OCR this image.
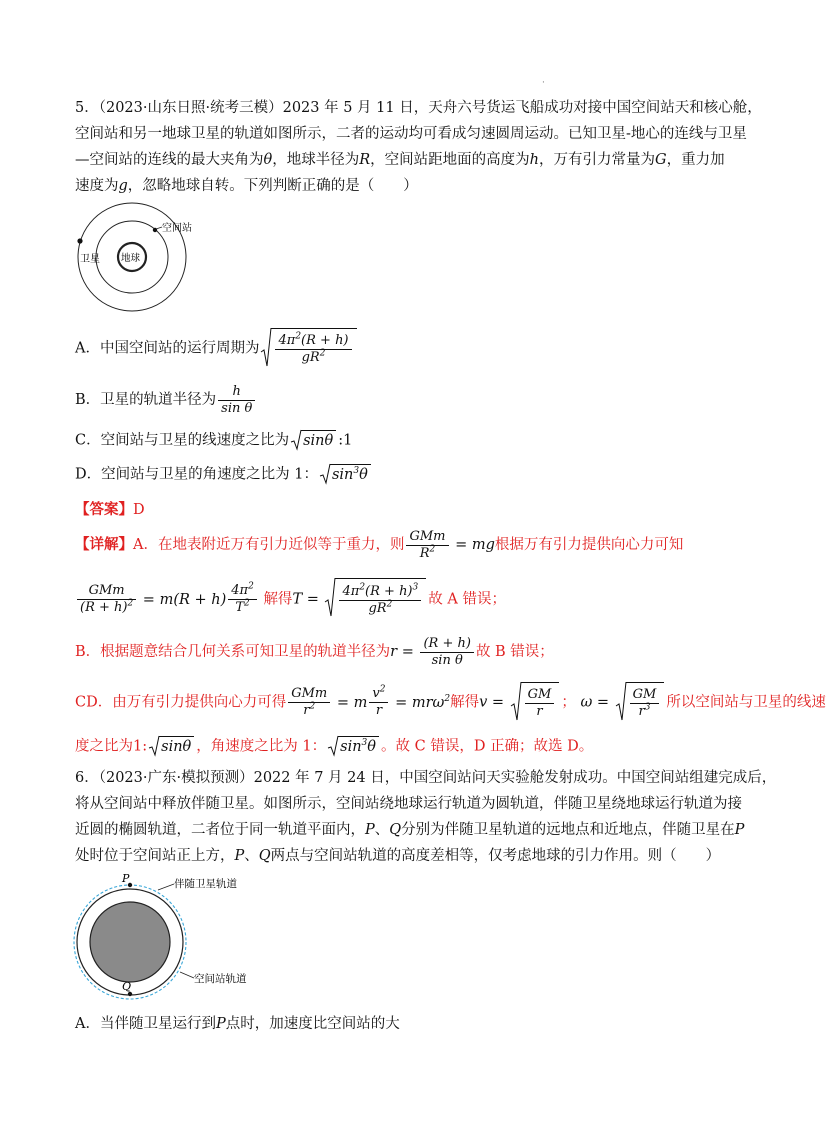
·
5．（2023·山东日照·统考三模）2023 年 5 月 11 日，天舟六号货运飞船成功对接中国空间站天和核心舱，
空间站和另一地球卫星的轨道如图所示，二者的运动均可看成匀速圆周运动。已知卫星-地心的连线与卫星
—空间站的连线的最大夹角为θ，地球半径为R，空间站距地面的高度为h，万有引力常量为G，重力加
速度为g，忽略地球自转。下列判断正确的是（　　）
空间站
卫星 地球
A．中国空间站的运行周期为 $\frac{4\pi^2(R + h)}{gR^2}$
B．卫星的轨道半径为 $\frac{h}{\text{sin θ}}$
C．空间站与卫星的线速度之比为 sinθ :1
D．空间站与卫星的角速度之比为 1： $\sin^3\theta$
【答案】D
【详解】A．在地表附近万有引力近似等于重力，则 $\frac{\text{GMm}}{R^2}$ = mg根据万有引力提供向心力可知
$\frac{\text{GMm}}{(R + h)^2} = m(R + h) \frac{4\pi^2}{T^2}$ 解得$T = \frac{4\pi^2(R + h)^3}{gR^2}$ 故 A 错误；
B．根据题意结合几何关系可知卫星的轨道半径为$r = \frac{(R + h)}{\text{sin θ}}$ 故 B 错误；
CD．由万有引力提供向心力可得 $\frac{\text{GMm}}{r^2} = m \frac{v^2}{r} = mr\omega^2$解得$v = \frac{GM}{r}$ ； $\omega = \frac{GM}{r^3}$ 所以空间站与卫星的线速
度之比为1: sinθ ，角速度之比为 1： $\sin^3\theta$ 。故 C 错误，D 正确；故选 D。
6．（2023·广东·模拟预测）2022 年 7 月 24 日，中国空间站问天实验舱发射成功。中国空间站组建完成后，
将从空间站中释放伴随卫星。如图所示，空间站绕地球运行轨道为圆轨道，伴随卫星绕地球运行轨道为接
近圆的椭圆轨道，二者位于同一轨道平面内，P、Q分别为伴随卫星轨道的远地点和近地点，伴随卫星在P
处时位于空间站正上方，P、Q两点与空间站轨道的高度差相等，仅考虑地球的引力作用。则（　　）
P
Q
伴随卫星轨道
空间站轨道
A．当伴随卫星运行到P点时，加速度比空间站的大
